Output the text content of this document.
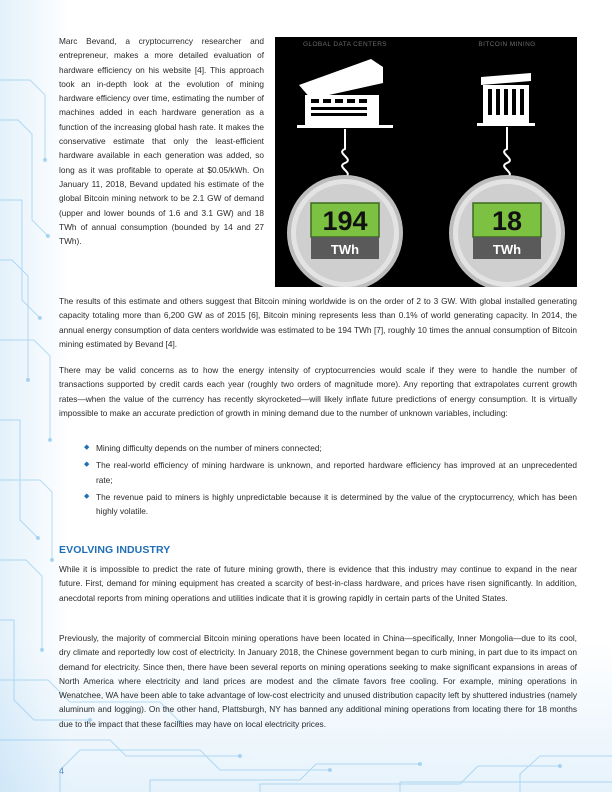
Marc Bevand, a cryptocurrency researcher and entrepreneur, makes a more detailed evaluation of hardware efficiency on his website [4]. This approach took an in-depth look at the evolution of mining hardware efficiency over time, estimating the number of machines added in each hardware generation as a function of the increasing global hash rate. It makes the conservative estimate that only the least-efficient hardware available in each generation was added, so long as it was profitable to operate at $0.05/kWh. On January 11, 2018, Bevand updated his estimate of the global Bitcoin mining network to be 2.1 GW of demand (upper and lower bounds of 1.6 and 3.1 GW) and 18 TWh of annual consumption (bounded by 14 and 27 TWh).

GLOBAL DATA CENTERS	BITCOIN MINING
194
TWh
18
TWh

The results of this estimate and others suggest that Bitcoin mining worldwide is on the order of 2 to 3 GW. With global installed generating capacity totaling more than 6,200 GW as of 2015 [6], Bitcoin mining represents less than 0.1% of world generating capacity. In 2014, the annual energy consumption of data centers worldwide was estimated to be 194 TWh [7], roughly 10 times the annual consumption of Bitcoin mining estimated by Bevand [4].

There may be valid concerns as to how the energy intensity of cryptocurrencies would scale if they were to handle the number of transactions supported by credit cards each year (roughly two orders of magnitude more). Any reporting that extrapolates current growth rates—when the value of the currency has recently skyrocketed—will likely inflate future predictions of energy consumption. It is virtually impossible to make an accurate prediction of growth in mining demand due to the number of unknown variables, including:

◆ Mining difficulty depends on the number of miners connected;
◆ The real-world efficiency of mining hardware is unknown, and reported hardware efficiency has improved at an unprecedented rate;
◆ The revenue paid to miners is highly unpredictable because it is determined by the value of the cryptocurrency, which has been highly volatile.
EVOLVING INDUSTRY

While it is impossible to predict the rate of future mining growth, there is evidence that this industry may continue to expand in the near future. First, demand for mining equipment has created a scarcity of best-in-class hardware, and prices have risen significantly. In addition, anecdotal reports from mining operations and utilities indicate that it is growing rapidly in certain parts of the United States.

Previously, the majority of commercial Bitcoin mining operations have been located in China—specifically, Inner Mongolia—due to its cool, dry climate and reportedly low cost of electricity. In January 2018, the Chinese government began to curb mining, in part due to its impact on demand for electricity. Since then, there have been several reports on mining operations seeking to make significant expansions in areas of North America where electricity and land prices are modest and the climate favors free cooling. For example, mining operations in Wenatchee, WA have been able to take advantage of low-cost electricity and unused distribution capacity left by shuttered industries (namely aluminum and logging). On the other hand, Plattsburgh, NY has banned any additional mining operations from locating there for 18 months due to the impact that these facilities may have on local electricity prices.

4
